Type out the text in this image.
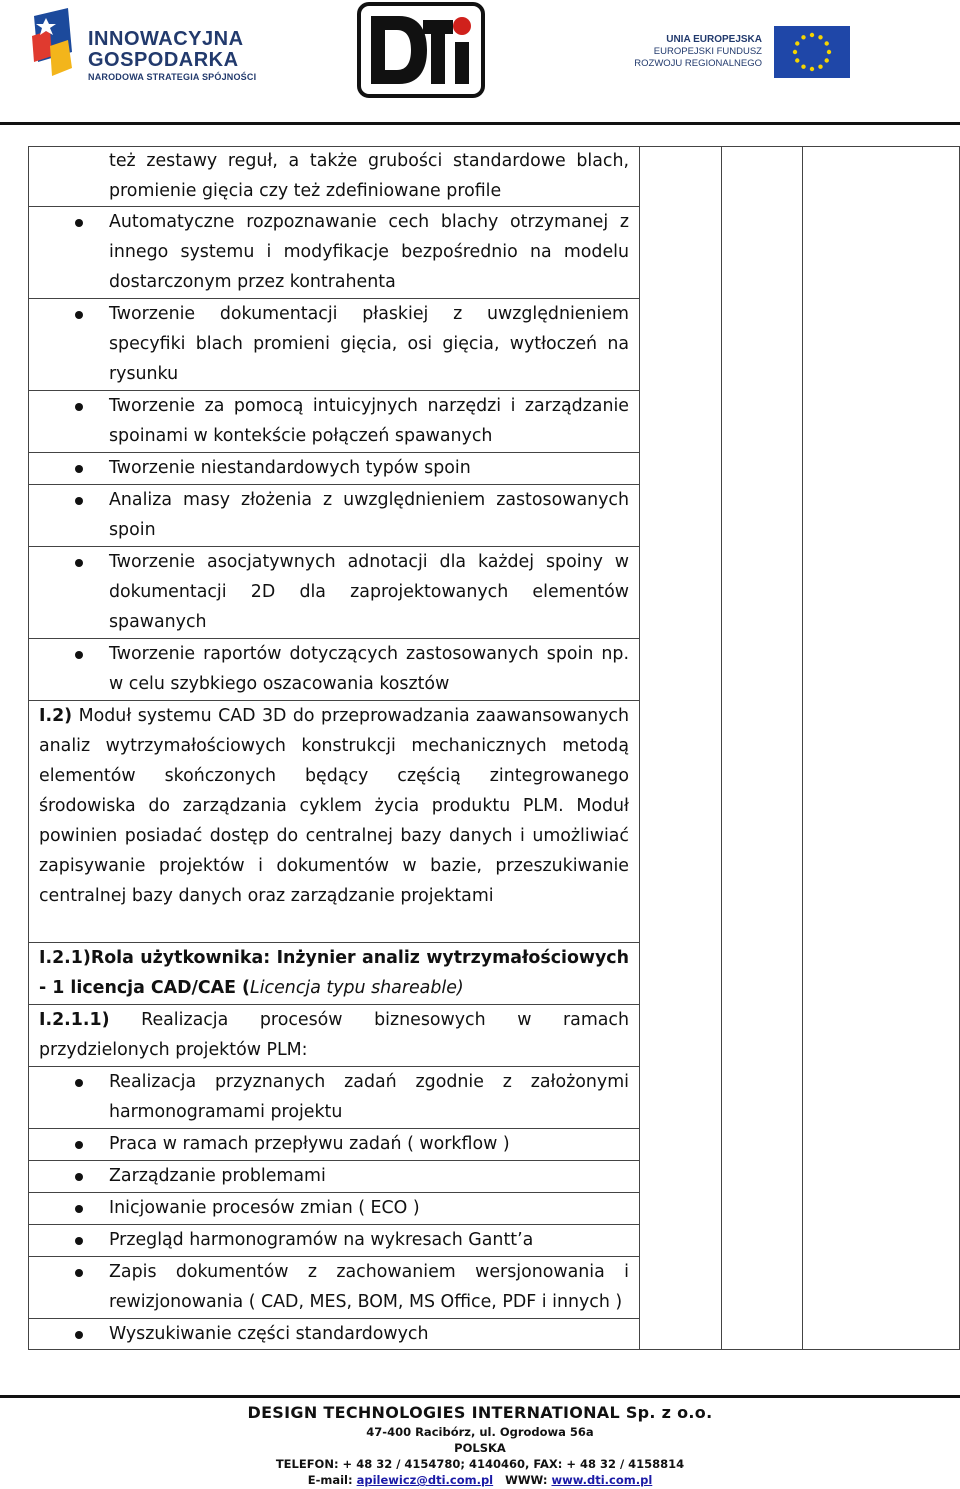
INNOWACYJNA
GOSPODARKA
NARODOWA STRATEGIA SPÓJNOŚCI
UNIA EUROPEJSKA
EUROPEJSKI FUNDUSZ
ROZWOJU REGIONALNEGO
też zestawy reguł, a także grubości standardowe blach, promienie gięcia czy też zdefiniowane profile
Automatyczne rozpoznawanie cech blachy otrzymanej z innego systemu i modyfikacje bezpośrednio na modelu dostarczonym przez kontrahenta
Tworzenie dokumentacji płaskiej z uwzględnieniem specyfiki blach promieni gięcia, osi gięcia, wytłoczeń na rysunku
Tworzenie za pomocą intuicyjnych narzędzi i zarządzanie spoinami w kontekście połączeń spawanych
Tworzenie niestandardowych typów spoin
Analiza masy złożenia z uwzględnieniem zastosowanych spoin
Tworzenie asocjatywnych adnotacji dla każdej spoiny w dokumentacji 2D dla zaprojektowanych elementów spawanych
Tworzenie raportów dotyczących zastosowanych spoin np. w celu szybkiego oszacowania kosztów
I.2) Moduł systemu CAD 3D do przeprowadzania zaawansowanych analiz wytrzymałościowych konstrukcji mechanicznych metodą elementów skończonych będący częścią zintegrowanego środowiska do zarządzania cyklem życia produktu PLM. Moduł powinien posiadać dostęp do centralnej bazy danych i umożliwiać zapisywanie projektów i dokumentów w bazie, przeszukiwanie centralnej bazy danych oraz zarządzanie projektami
I.2.1)Rola użytkownika: Inżynier analiz wytrzymałościowych - 1 licencja CAD/CAE (Licencja typu shareable)
I.2.1.1) Realizacja procesów biznesowych w ramach przydzielonych projektów PLM:
Realizacja przyznanych zadań zgodnie z założonymi harmonogramami projektu
Praca w ramach przepływu zadań ( workflow )
Zarządzanie problemami
Inicjowanie procesów zmian ( ECO )
Przegląd harmonogramów na wykresach Gantt’a
Zapis dokumentów z zachowaniem wersjonowania i rewizjonowania ( CAD, MES, BOM, MS Office, PDF i innych )
Wyszukiwanie części standardowych
DESIGN TECHNOLOGIES INTERNATIONAL Sp. z o.o.
47-400 Racibórz, ul. Ogrodowa 56a
POLSKA
TELEFON: + 48 32 / 4154780; 4140460, FAX: + 48 32 / 4158814
E-mail: apilewicz@dti.com.pl WWW: www.dti.com.pl
